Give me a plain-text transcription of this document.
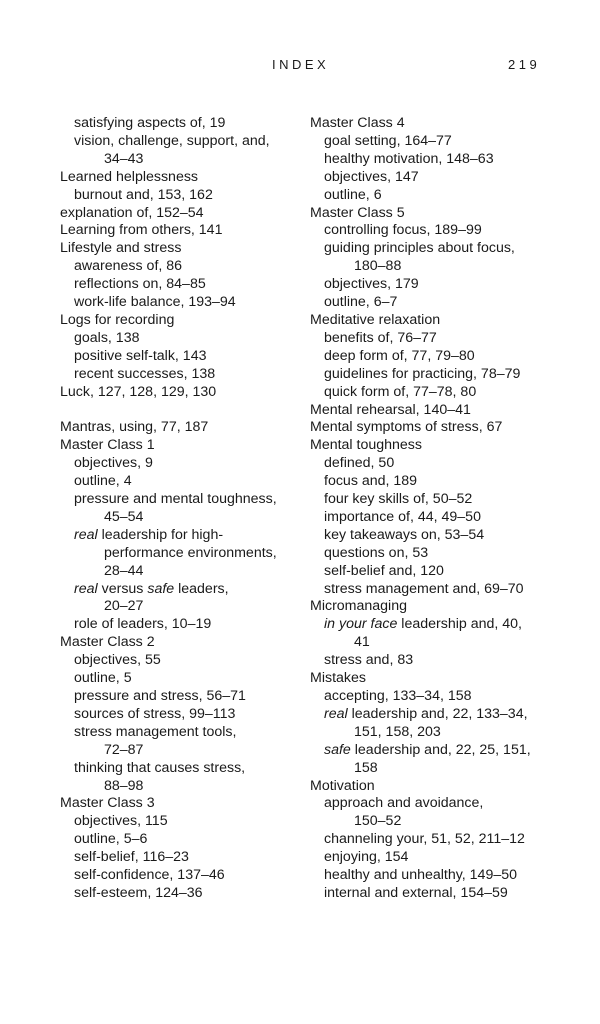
INDEX	219
satisfying aspects of, 19
vision, challenge, support, and,
34–43
Learned helplessness
burnout and, 153, 162
explanation of, 152–54
Learning from others, 141
Lifestyle and stress
awareness of, 86
reflections on, 84–85
work-life balance, 193–94
Logs for recording
goals, 138
positive self-talk, 143
recent successes, 138
Luck, 127, 128, 129, 130
Mantras, using, 77, 187
Master Class 1
objectives, 9
outline, 4
pressure and mental toughness,
45–54
real leadership for high-
performance environments,
28–44
real versus safe leaders,
20–27
role of leaders, 10–19
Master Class 2
objectives, 55
outline, 5
pressure and stress, 56–71
sources of stress, 99–113
stress management tools,
72–87
thinking that causes stress,
88–98
Master Class 3
objectives, 115
outline, 5–6
self-belief, 116–23
self-confidence, 137–46
self-esteem, 124–36
Master Class 4
goal setting, 164–77
healthy motivation, 148–63
objectives, 147
outline, 6
Master Class 5
controlling focus, 189–99
guiding principles about focus,
180–88
objectives, 179
outline, 6–7
Meditative relaxation
benefits of, 76–77
deep form of, 77, 79–80
guidelines for practicing, 78–79
quick form of, 77–78, 80
Mental rehearsal, 140–41
Mental symptoms of stress, 67
Mental toughness
defined, 50
focus and, 189
four key skills of, 50–52
importance of, 44, 49–50
key takeaways on, 53–54
questions on, 53
self-belief and, 120
stress management and, 69–70
Micromanaging
in your face leadership and, 40,
41
stress and, 83
Mistakes
accepting, 133–34, 158
real leadership and, 22, 133–34,
151, 158, 203
safe leadership and, 22, 25, 151,
158
Motivation
approach and avoidance,
150–52
channeling your, 51, 52, 211–12
enjoying, 154
healthy and unhealthy, 149–50
internal and external, 154–59
